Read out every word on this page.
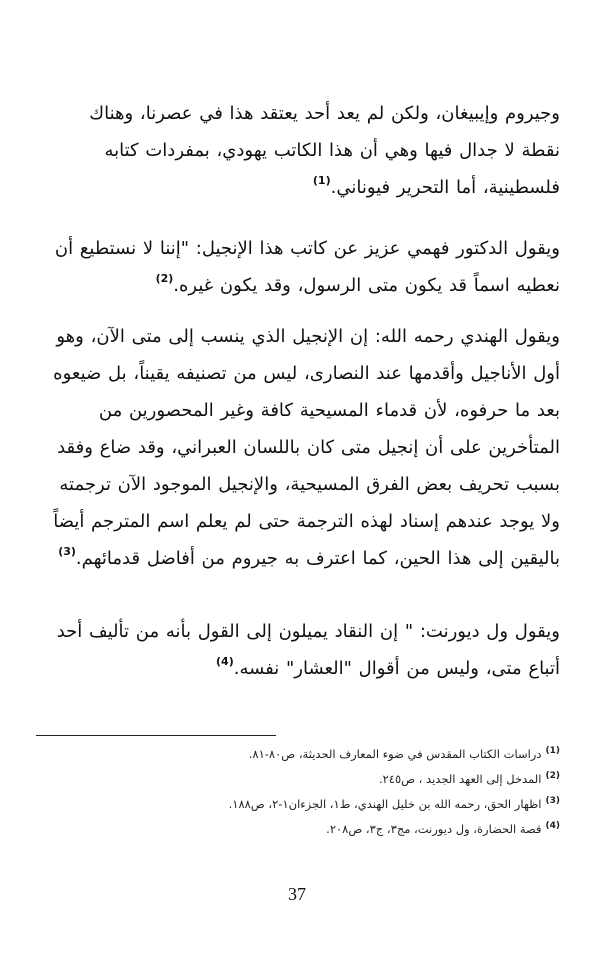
وجيروم وإيبيغان، ولكن لم يعد أحد يعتقد هذا في عصرنا، وهناك
نقطة لا جدال فيها وهي أن هذا الكاتب يهودي، بمفردات كتابه
فلسطينية، أما التحرير فيوناني.$^{(1)}$
ويقول الدكتور فهمي عزيز عن كاتب هذا الإنجيل: "إننا لا نستطيع أن
نعطيه اسماً قد يكون متى الرسول، وقد يكون غيره.$^{(2)}$
ويقول الهندي رحمه الله: إن الإنجيل الذي ينسب إلى متى الآن، وهو
أول الأناجيل وأقدمها عند النصارى، ليس من تصنيفه يقيناً، بل ضيعوه
بعد ما حرفوه، لأن قدماء المسيحية كافة وغير المحصورين من
المتأخرين على أن إنجيل متى كان باللسان العبراني، وقد ضاع وفقد
بسبب تحريف بعض الفرق المسيحية، والإنجيل الموجود الآن ترجمته
ولا يوجد عندهم إسناد لهذه الترجمة حتى لم يعلم اسم المترجم أيضاً
باليقين إلى هذا الحين، كما اعترف به جيروم من أفاضل قدمائهم.$^{(3)}$
ويقول ول ديورنت: " إن النقاد يميلون إلى القول بأنه من تأليف أحد
أتباع متى، وليس من أقوال "العشار" نفسه.$^{(4)}$
$^{(1)}$دراسات الكتاب المقدس في ضوء المعارف الحديثة، ص٨٠-٨١.
$^{(2)}$المدخل إلى العهد الجديد ، ص٢٤٥.
$^{(3)}$اظهار الحق، رحمه الله بن خليل الهندي، ط١، الجزءان١-٢، ص١٨٨.
$^{(4)}$قصة الحضارة، ول ديورنت، مج٣، ج٣، ص٢٠٨.
37
